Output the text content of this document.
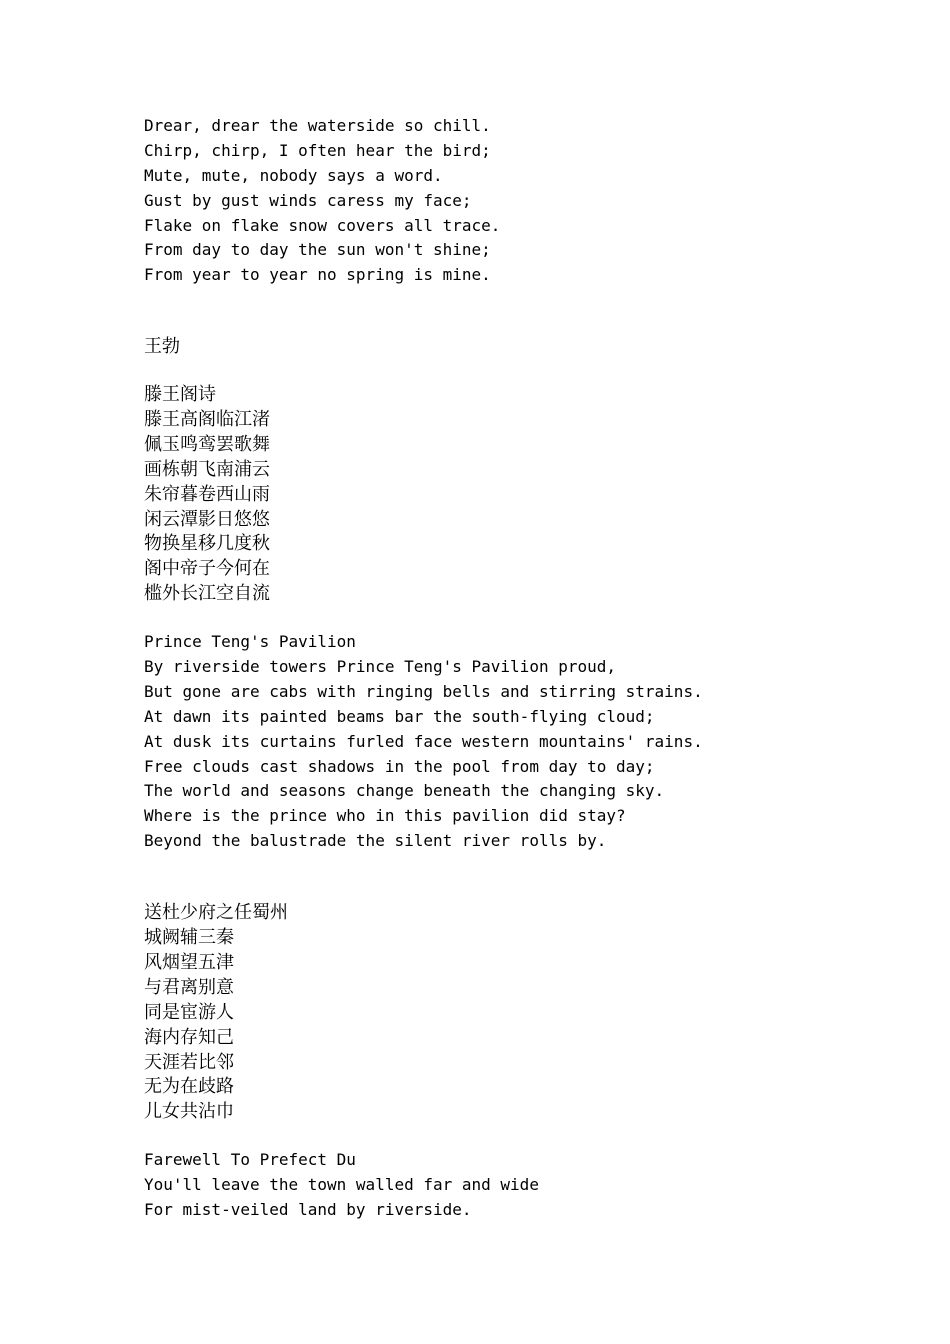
Drear, drear the waterside so chill.

Chirp, chirp, I often hear the bird;

Mute, mute, nobody says a word.

Gust by gust winds caress my face;

Flake on flake snow covers all trace.

From day to day the sun won't shine;

From year to year no spring is mine.

王勃

滕王阁诗

滕王高阁临江渚

佩玉鸣鸾罢歌舞

画栋朝飞南浦云

朱帘暮卷西山雨

闲云潭影日悠悠

物换星移几度秋

阁中帝子今何在

槛外长江空自流

Prince Teng's Pavilion

By riverside towers Prince Teng's Pavilion proud,

But gone are cabs with ringing bells and stirring strains.

At dawn its painted beams bar the south-flying cloud;

At dusk its curtains furled face western mountains' rains.

Free clouds cast shadows in the pool from day to day;

The world and seasons change beneath the changing sky.

Where is the prince who in this pavilion did stay?

Beyond the balustrade the silent river rolls by.

送杜少府之任蜀州

城阙辅三秦

风烟望五津

与君离别意

同是宦游人

海内存知己

天涯若比邻

无为在歧路

儿女共沾巾

Farewell To Prefect Du

You'll leave the town walled far and wide

For mist-veiled land by riverside.
